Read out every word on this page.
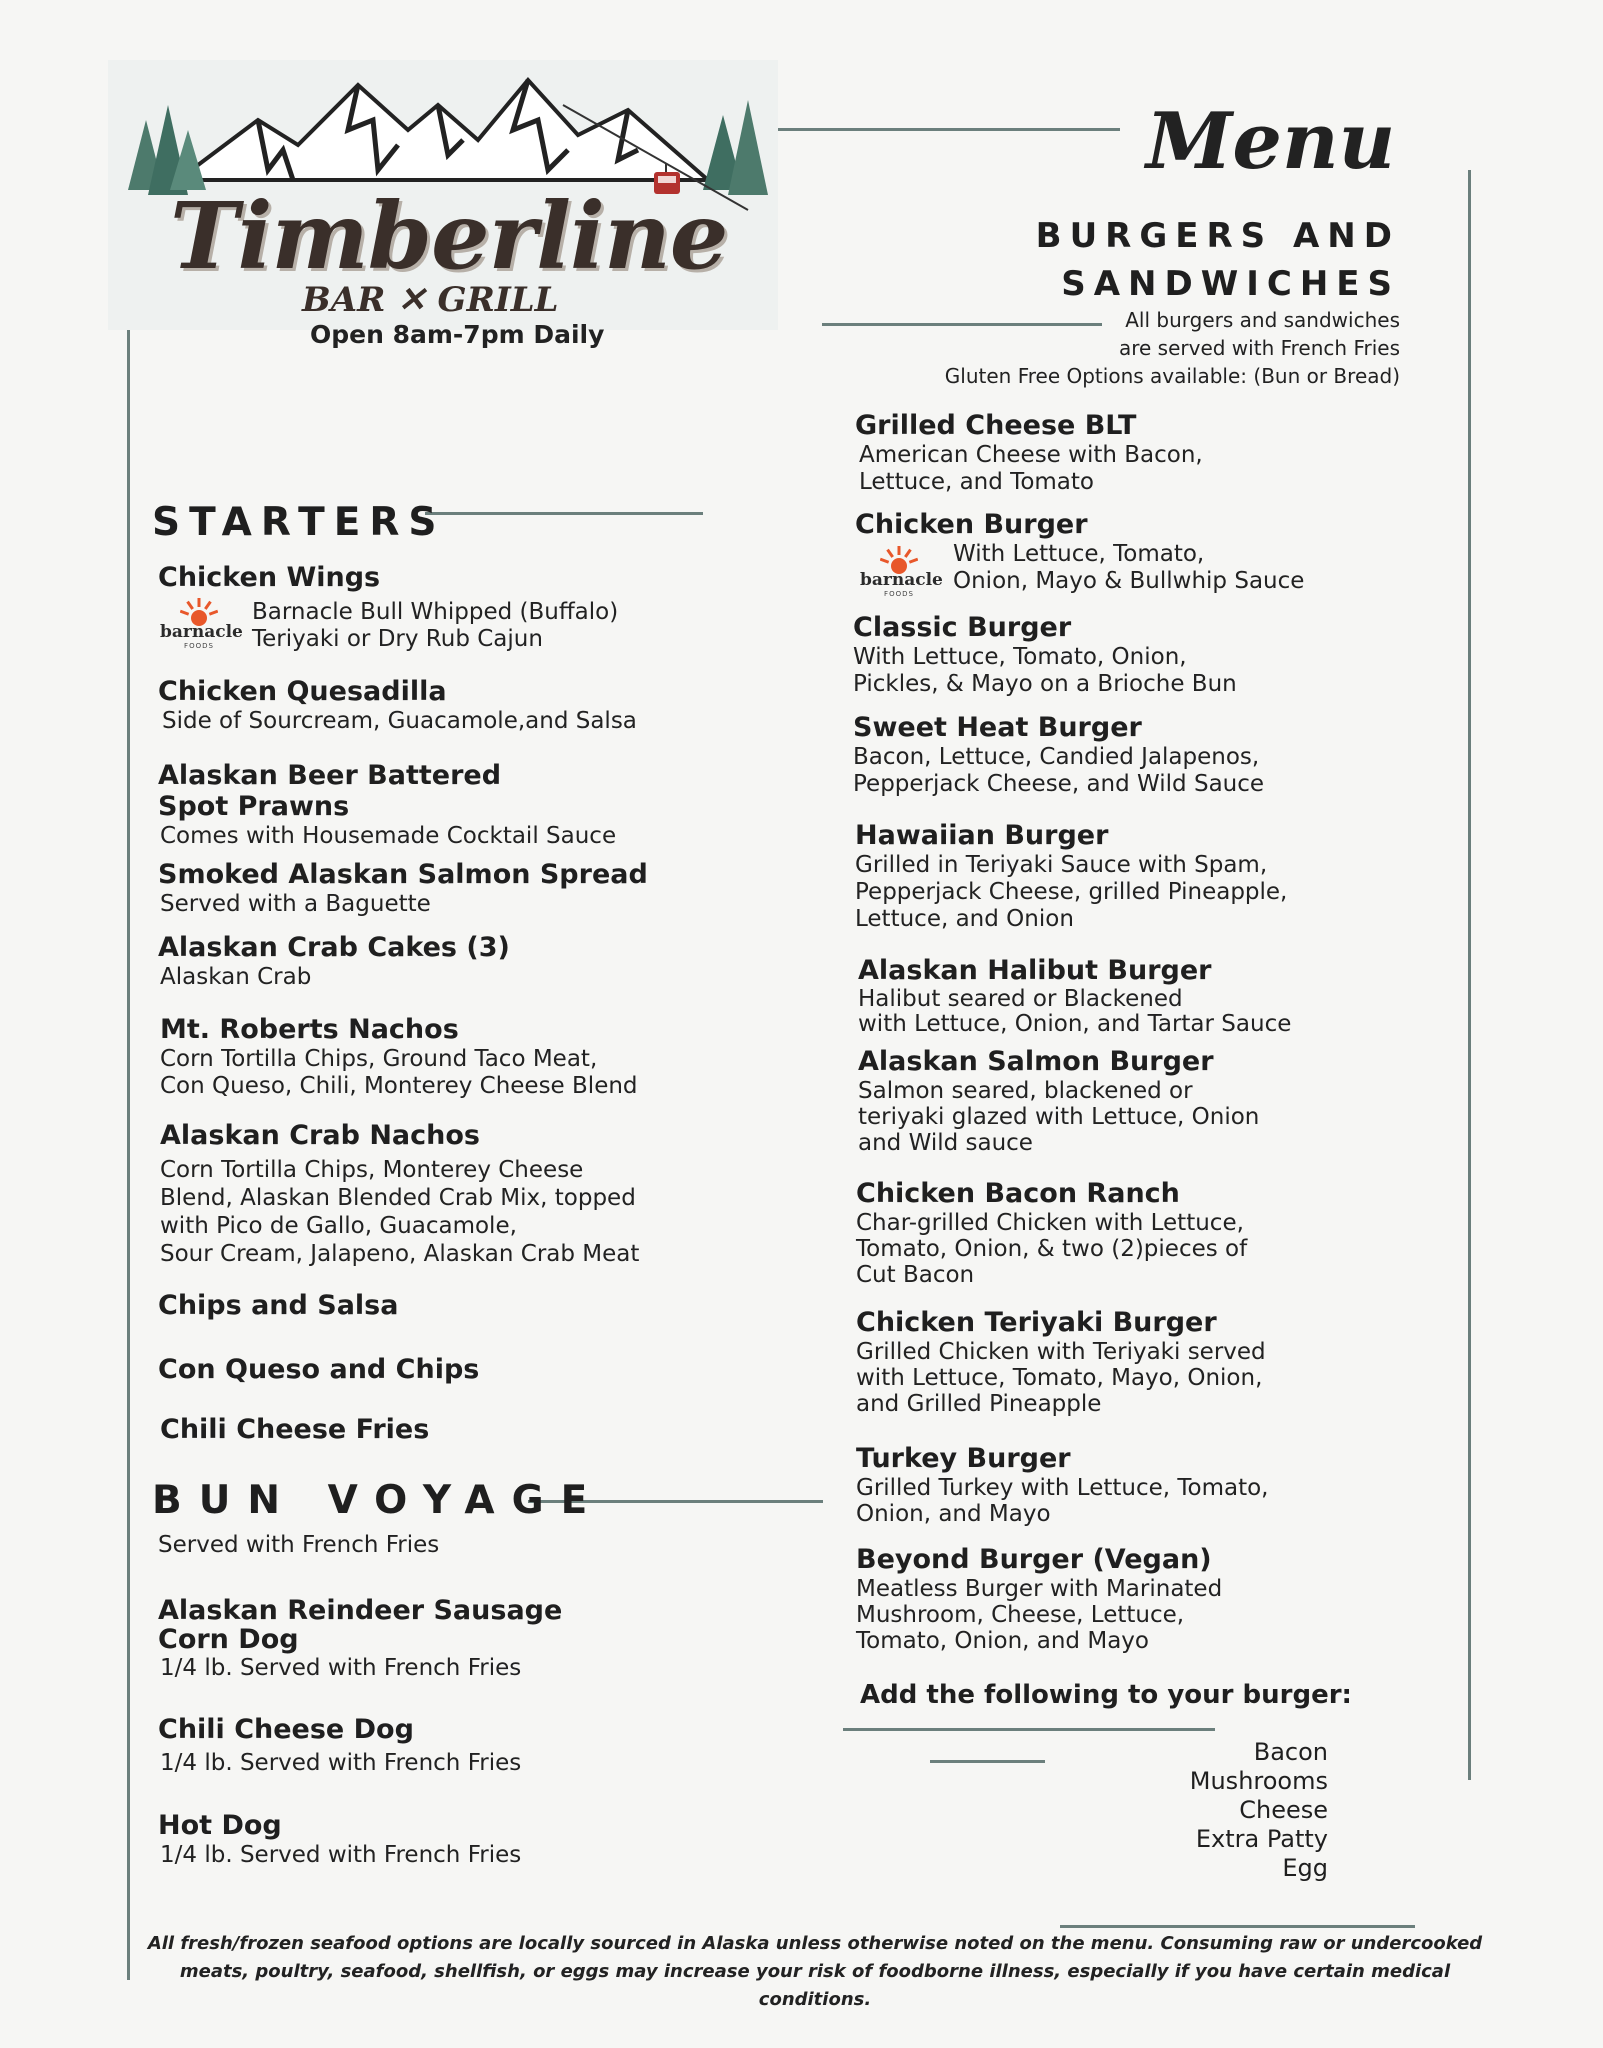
Timberline
BAR ✕ GRILL
Open 8am-7pm Daily
Menu
BURGERS AND
SANDWICHES
All burgers and sandwiches
are served with French Fries
Gluten Free Options available: (Bun or Bread)
Grilled Cheese BLT
American Cheese with Bacon,
Lettuce, and Tomato
Chicken Burger
With Lettuce, Tomato,
Onion, Mayo & Bullwhip Sauce
barnacle
FOODS
Classic Burger
With Lettuce, Tomato, Onion,
Pickles, & Mayo on a Brioche Bun
Sweet Heat Burger
Bacon, Lettuce, Candied Jalapenos,
Pepperjack Cheese, and Wild Sauce
Hawaiian Burger
Grilled in Teriyaki Sauce with Spam,
Pepperjack Cheese, grilled Pineapple,
Lettuce, and Onion
Alaskan Halibut Burger
Halibut seared or Blackened
with Lettuce, Onion, and Tartar Sauce
Alaskan Salmon Burger
Salmon seared, blackened or
teriyaki glazed with Lettuce, Onion
and Wild sauce
Chicken Bacon Ranch
Char-grilled Chicken with Lettuce,
Tomato, Onion, & two (2)pieces of
Cut Bacon
Chicken Teriyaki Burger
Grilled Chicken with Teriyaki served
with Lettuce, Tomato, Mayo, Onion,
and Grilled Pineapple
Turkey Burger
Grilled Turkey with Lettuce, Tomato,
Onion, and Mayo
Beyond Burger (Vegan)
Meatless Burger with Marinated
Mushroom, Cheese, Lettuce,
Tomato, Onion, and Mayo
Add the following to your burger:
Bacon
Mushrooms
Cheese
Extra Patty
Egg
STARTERS
Chicken Wings
Barnacle Bull Whipped (Buffalo)
Teriyaki or Dry Rub Cajun
barnacle
FOODS
Chicken Quesadilla
Side of Sourcream, Guacamole,and Salsa
Alaskan Beer Battered
Spot Prawns
Comes with Housemade Cocktail Sauce
Smoked Alaskan Salmon Spread
Served with a Baguette
Alaskan Crab Cakes (3)
Alaskan Crab
Mt. Roberts Nachos
Corn Tortilla Chips, Ground Taco Meat,
Con Queso, Chili, Monterey Cheese Blend
Alaskan Crab Nachos
Corn Tortilla Chips, Monterey Cheese
Blend, Alaskan Blended Crab Mix, topped
with Pico de Gallo, Guacamole,
Sour Cream, Jalapeno, Alaskan Crab Meat
Chips and Salsa
Con Queso and Chips
Chili Cheese Fries
BUN VOYAGE
Served with French Fries
Alaskan Reindeer Sausage
Corn Dog
1/4 lb. Served with French Fries
Chili Cheese Dog
1/4 lb. Served with French Fries
Hot Dog
1/4 lb. Served with French Fries
All fresh/frozen seafood options are locally sourced in Alaska unless otherwise noted on the menu. Consuming raw or undercooked
meats, poultry, seafood, shellfish, or eggs may increase your risk of foodborne illness, especially if you have certain medical conditions.
